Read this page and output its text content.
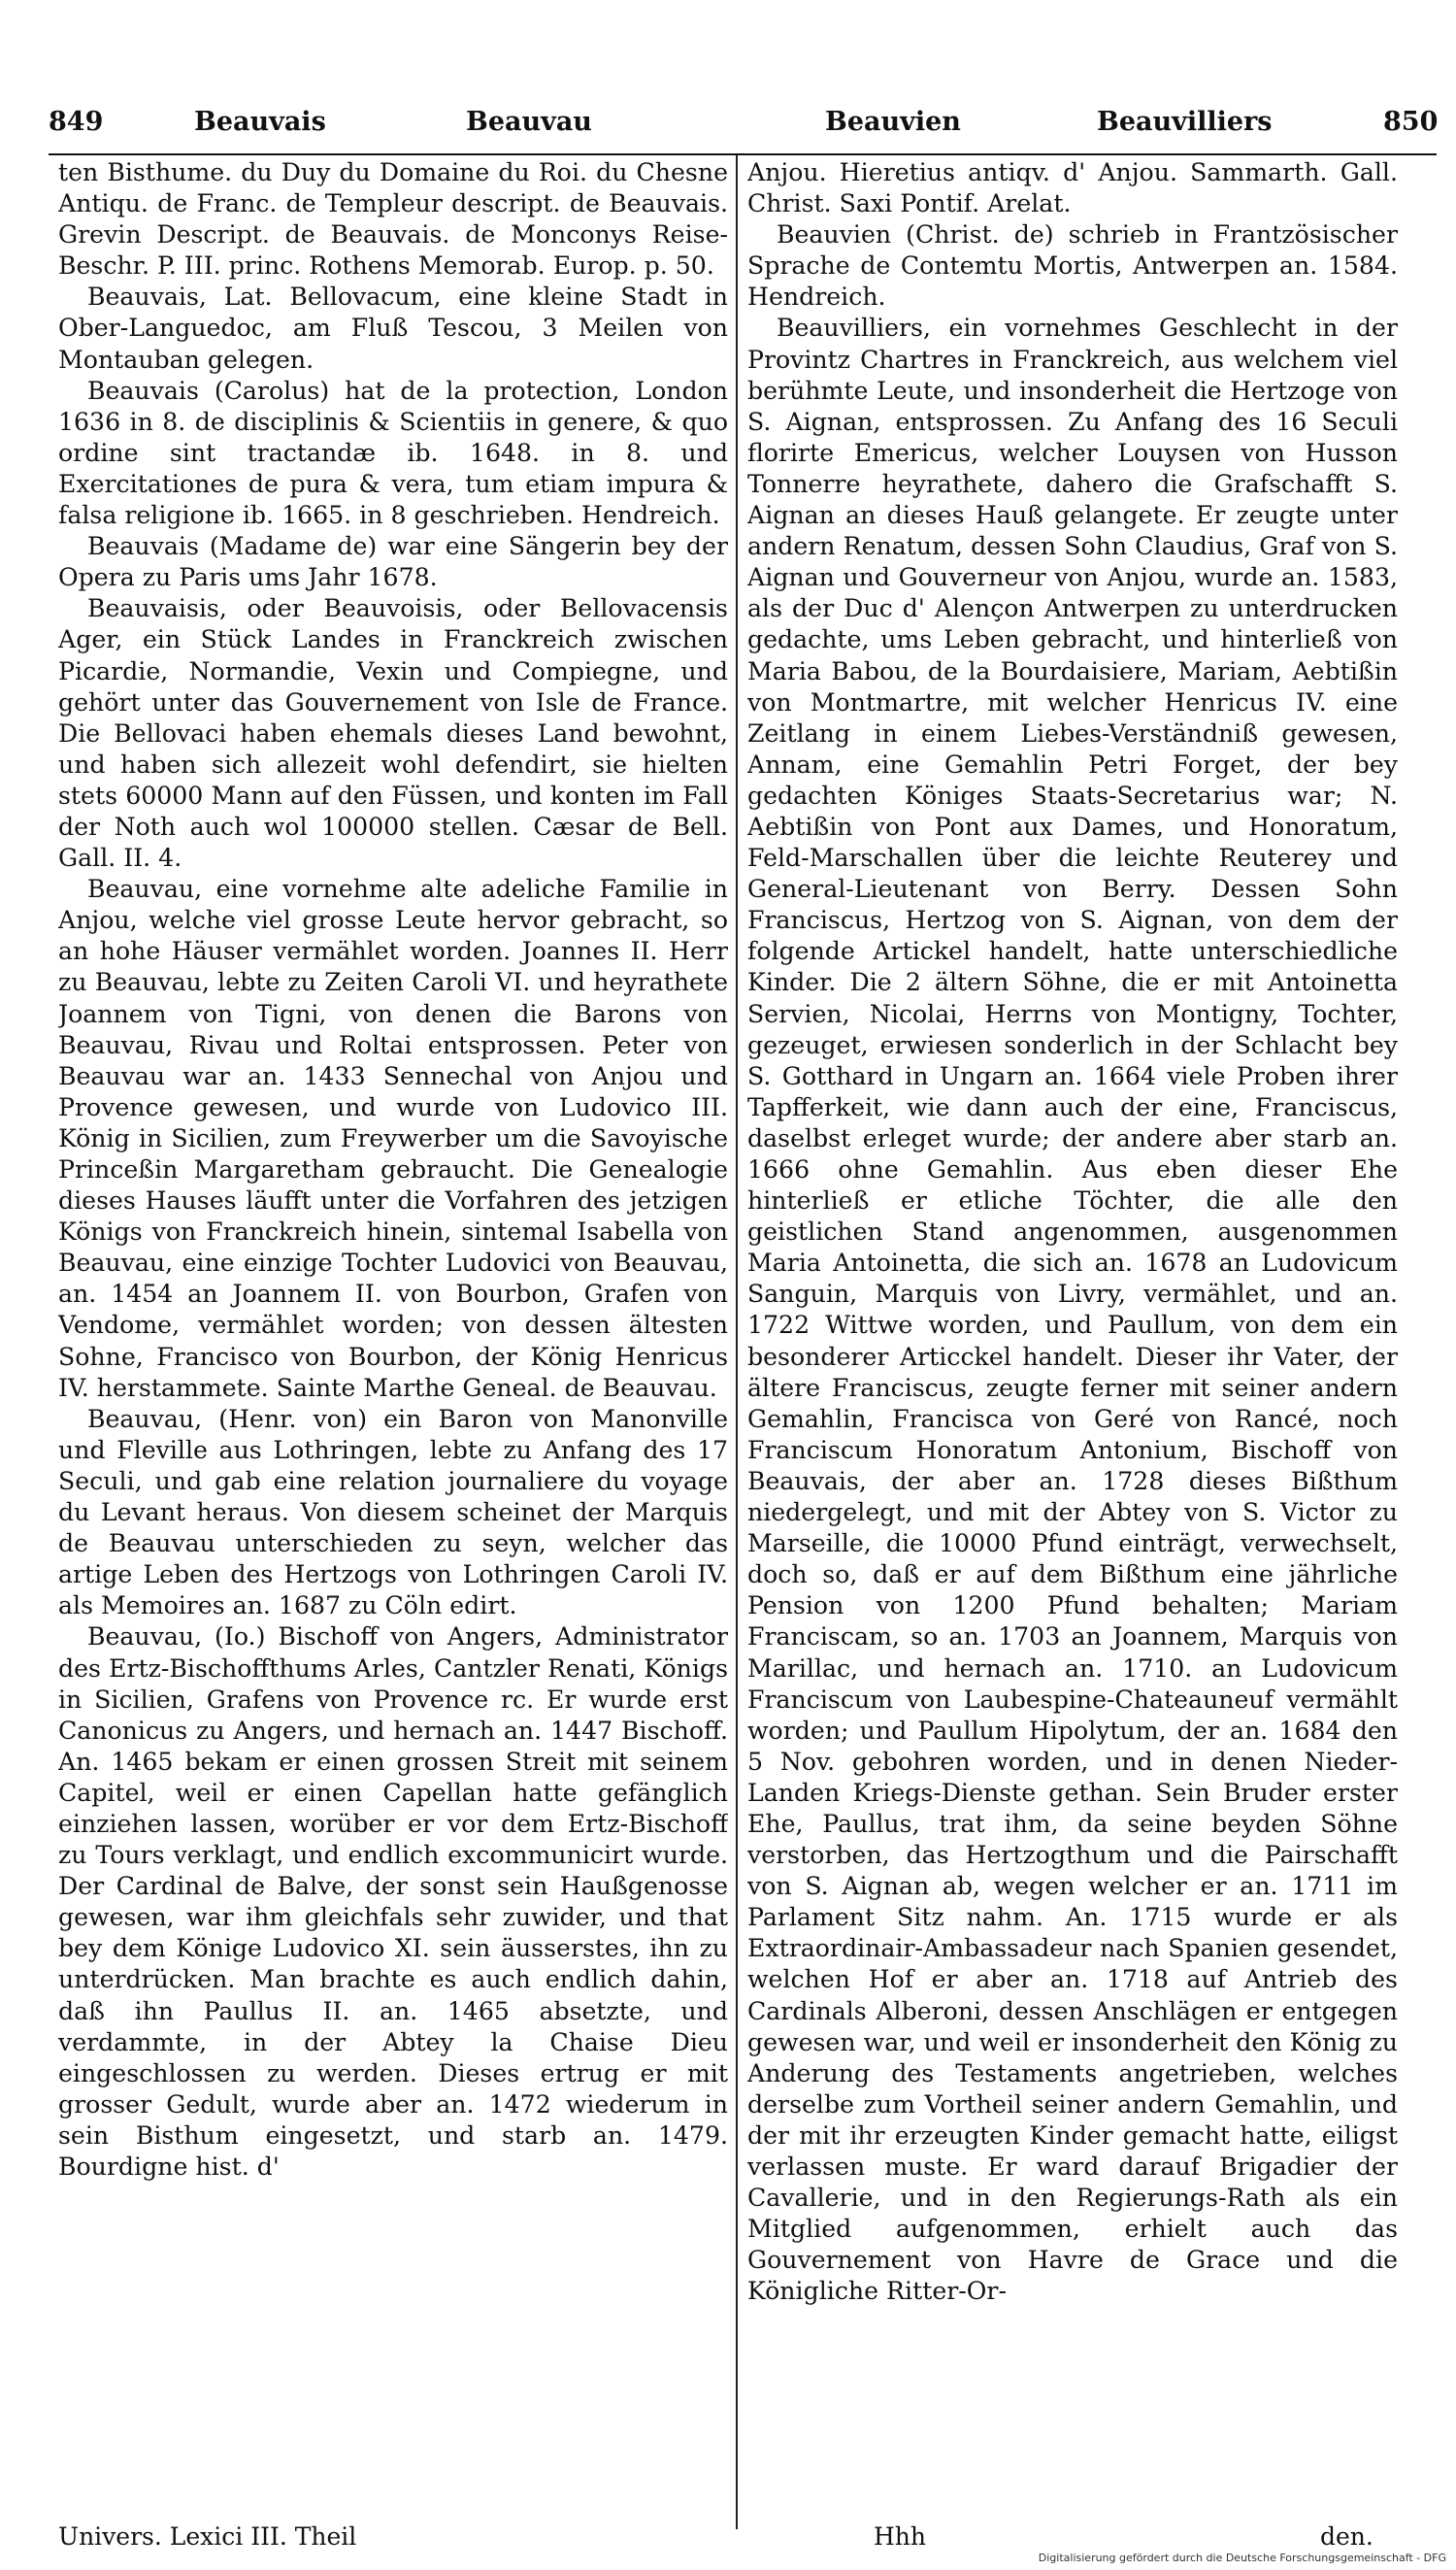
849	Beauvais	Beauvau	Beauvien	Beauvilliers	850

ten Bisthume. du Duy du Domaine du Roi. du Chesne Antiqu. de Franc. de Templeur descript. de Beauvais. Grevin Descript. de Beauvais. de Monconys Reise-Beschr. P. III. princ. Rothens Memorab. Europ. p. 50.

Beauvais, Lat. Bellovacum, eine kleine Stadt in Ober-Languedoc, am Fluß Tescou, 3 Meilen von Montauban gelegen.

Beauvais (Carolus) hat de la protection, London 1636 in 8. de disciplinis & Scientiis in genere, & quo ordine sint tractandæ ib. 1648. in 8. und Exercitationes de pura & vera, tum etiam impura & falsa religione ib. 1665. in 8 geschrieben. Hendreich.

Beauvais (Madame de) war eine Sängerin bey der Opera zu Paris ums Jahr 1678.

Beauvaisis, oder Beauvoisis, oder Bellovacensis Ager, ein Stück Landes in Franckreich zwischen Picardie, Normandie, Vexin und Compiegne, und gehört unter das Gouvernement von Isle de France. Die Bellovaci haben ehemals dieses Land bewohnt, und haben sich allezeit wohl defendirt, sie hielten stets 60000 Mann auf den Füssen, und konten im Fall der Noth auch wol 100000 stellen. Cæsar de Bell. Gall. II. 4.

Beauvau, eine vornehme alte adeliche Familie in Anjou, welche viel grosse Leute hervor gebracht, so an hohe Häuser vermählet worden. Joannes II. Herr zu Beauvau, lebte zu Zeiten Caroli VI. und heyrathete Joannem von Tigni, von denen die Barons von Beauvau, Rivau und Roltai entsprossen. Peter von Beauvau war an. 1433 Sennechal von Anjou und Provence gewesen, und wurde von Ludovico III. König in Sicilien, zum Freywerber um die Savoyische Princeßin Margaretham gebraucht. Die Genealogie dieses Hauses läufft unter die Vorfahren des jetzigen Königs von Franckreich hinein, sintemal Isabella von Beauvau, eine einzige Tochter Ludovici von Beauvau, an. 1454 an Joannem II. von Bourbon, Grafen von Vendome, vermählet worden; von dessen ältesten Sohne, Francisco von Bourbon, der König Henricus IV. herstammete. Sainte Marthe Geneal. de Beauvau.

Beauvau, (Henr. von) ein Baron von Manonville und Fleville aus Lothringen, lebte zu Anfang des 17 Seculi, und gab eine relation journaliere du voyage du Levant heraus. Von diesem scheinet der Marquis de Beauvau unterschieden zu seyn, welcher das artige Leben des Hertzogs von Lothringen Caroli IV. als Memoires an. 1687 zu Cöln edirt.

Beauvau, (Io.) Bischoff von Angers, Administrator des Ertz-Bischoffthums Arles, Cantzler Renati, Königs in Sicilien, Grafens von Provence rc. Er wurde erst Canonicus zu Angers, und hernach an. 1447 Bischoff. An. 1465 bekam er einen grossen Streit mit seinem Capitel, weil er einen Capellan hatte gefänglich einziehen lassen, worüber er vor dem Ertz-Bischoff zu Tours verklagt, und endlich excommunicirt wurde. Der Cardinal de Balve, der sonst sein Haußgenosse gewesen, war ihm gleichfals sehr zuwider, und that bey dem Könige Ludovico XI. sein äusserstes, ihn zu unterdrücken. Man brachte es auch endlich dahin, daß ihn Paullus II. an. 1465 absetzte, und verdammte, in der Abtey la Chaise Dieu eingeschlossen zu werden. Dieses ertrug er mit grosser Gedult, wurde aber an. 1472 wiederum in sein Bisthum eingesetzt, und starb an. 1479. Bourdigne hist. d'

Anjou. Hieretius antiqv. d' Anjou. Sammarth. Gall. Christ. Saxi Pontif. Arelat.

Beauvien (Christ. de) schrieb in Frantzösischer Sprache de Contemtu Mortis, Antwerpen an. 1584. Hendreich.

Beauvilliers, ein vornehmes Geschlecht in der Provintz Chartres in Franckreich, aus welchem viel berühmte Leute, und insonderheit die Hertzoge von S. Aignan, entsprossen. Zu Anfang des 16 Seculi florirte Emericus, welcher Louysen von Husson Tonnerre heyrathete, dahero die Grafschafft S. Aignan an dieses Hauß gelangete. Er zeugte unter andern Renatum, dessen Sohn Claudius, Graf von S. Aignan und Gouverneur von Anjou, wurde an. 1583, als der Duc d' Alençon Antwerpen zu unterdrucken gedachte, ums Leben gebracht, und hinterließ von Maria Babou, de la Bourdaisiere, Mariam, Aebtißin von Montmartre, mit welcher Henricus IV. eine Zeitlang in einem Liebes-Verständniß gewesen, Annam, eine Gemahlin Petri Forget, der bey gedachten Königes Staats-Secretarius war; N. Aebtißin von Pont aux Dames, und Honoratum, Feld-Marschallen über die leichte Reuterey und General-Lieutenant von Berry. Dessen Sohn Franciscus, Hertzog von S. Aignan, von dem der folgende Artickel handelt, hatte unterschiedliche Kinder. Die 2 ältern Söhne, die er mit Antoinetta Servien, Nicolai, Herrns von Montigny, Tochter, gezeuget, erwiesen sonderlich in der Schlacht bey S. Gotthard in Ungarn an. 1664 viele Proben ihrer Tapfferkeit, wie dann auch der eine, Franciscus, daselbst erleget wurde; der andere aber starb an. 1666 ohne Gemahlin. Aus eben dieser Ehe hinterließ er etliche Töchter, die alle den geistlichen Stand angenommen, ausgenommen Maria Antoinetta, die sich an. 1678 an Ludovicum Sanguin, Marquis von Livry, vermählet, und an. 1722 Wittwe worden, und Paullum, von dem ein besonderer Articckel handelt. Dieser ihr Vater, der ältere Franciscus, zeugte ferner mit seiner andern Gemahlin, Francisca von Geré von Rancé, noch Franciscum Honoratum Antonium, Bischoff von Beauvais, der aber an. 1728 dieses Bißthum niedergelegt, und mit der Abtey von S. Victor zu Marseille, die 10000 Pfund einträgt, verwechselt, doch so, daß er auf dem Bißthum eine jährliche Pension von 1200 Pfund behalten; Mariam Franciscam, so an. 1703 an Joannem, Marquis von Marillac, und hernach an. 1710. an Ludovicum Franciscum von Laubespine-Chateauneuf vermählt worden; und Paullum Hipolytum, der an. 1684 den 5 Nov. gebohren worden, und in denen Nieder-Landen Kriegs-Dienste gethan. Sein Bruder erster Ehe, Paullus, trat ihm, da seine beyden Söhne verstorben, das Hertzogthum und die Pairschafft von S. Aignan ab, wegen welcher er an. 1711 im Parlament Sitz nahm. An. 1715 wurde er als Extraordinair-Ambassadeur nach Spanien gesendet, welchen Hof er aber an. 1718 auf Antrieb des Cardinals Alberoni, dessen Anschlägen er entgegen gewesen war, und weil er insonderheit den König zu Anderung des Testaments angetrieben, welches derselbe zum Vortheil seiner andern Gemahlin, und der mit ihr erzeugten Kinder gemacht hatte, eiligst verlassen muste. Er ward darauf Brigadier der Cavallerie, und in den Regierungs-Rath als ein Mitglied aufgenommen, erhielt auch das Gouvernement von Havre de Grace und die Königliche Ritter-Or-

Univers. Lexici III. Theil	Hhh	den.
Digitalisierung gefördert durch die Deutsche Forschungsgemeinschaft - DFG
